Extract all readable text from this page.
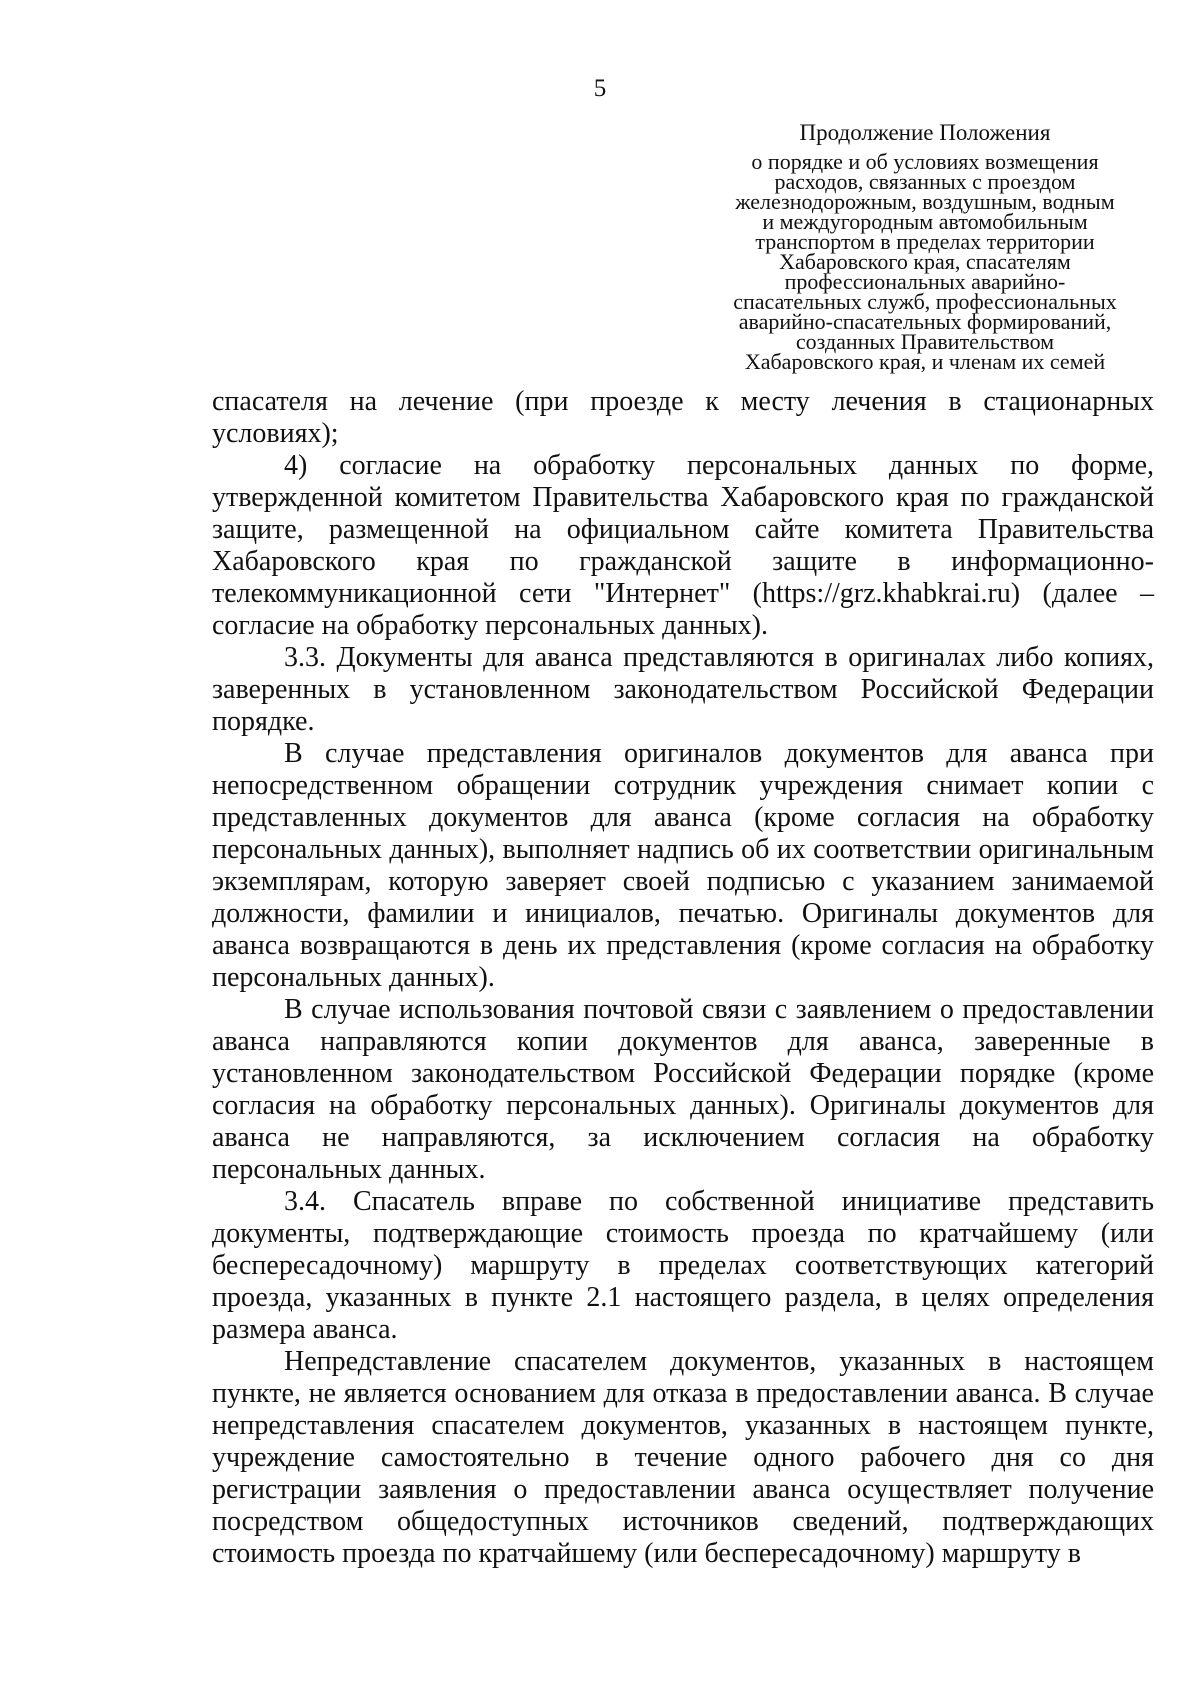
5
Продолжение Положения
о порядке и об условиях возмещения
расходов, связанных с проездом
железнодорожным, воздушным, водным
и междугородным автомобильным
транспортом в пределах территории
Хабаровского края, спасателям
профессиональных аварийно-
спасательных служб, профессиональных
аварийно-спасательных формирований,
созданных Правительством
Хабаровского края, и членам их семей

спасателя на лечение (при проезде к месту лечения в стационарных условиях);

4) согласие на обработку персональных данных по форме, утвержденной комитетом Правительства Хабаровского края по гражданской защите, размещенной на официальном сайте комитета Правительства Хабаровского края по гражданской защите в информационно-телекоммуникационной сети "Интернет" (https://grz.khabkrai.ru) (далее – согласие на обработку персональных данных).

3.3. Документы для аванса представляются в оригиналах либо копиях, заверенных в установленном законодательством Российской Федерации порядке.

В случае представления оригиналов документов для аванса при непосредственном обращении сотрудник учреждения снимает копии с представленных документов для аванса (кроме согласия на обработку персональных данных), выполняет надпись об их соответствии оригинальным экземплярам, которую заверяет своей подписью с указанием занимаемой должности, фамилии и инициалов, печатью. Оригиналы документов для аванса возвращаются в день их представления (кроме согласия на обработку персональных данных).

В случае использования почтовой связи с заявлением о предоставлении аванса направляются копии документов для аванса, заверенные в установленном законодательством Российской Федерации порядке (кроме согласия на обработку персональных данных). Оригиналы документов для аванса не направляются, за исключением согласия на обработку персональных данных.

3.4. Спасатель вправе по собственной инициативе представить документы, подтверждающие стоимость проезда по кратчайшему (или беспересадочному) маршруту в пределах соответствующих категорий проезда, указанных в пункте 2.1 настоящего раздела, в целях определения размера аванса.

Непредставление спасателем документов, указанных в настоящем пункте, не является основанием для отказа в предоставлении аванса. В случае непредставления спасателем документов, указанных в настоящем пункте, учреждение самостоятельно в течение одного рабочего дня со дня регистрации заявления о предоставлении аванса осуществляет получение посредством общедоступных источников сведений, подтверждающих стоимость проезда по кратчайшему (или беспересадочному) маршруту в
